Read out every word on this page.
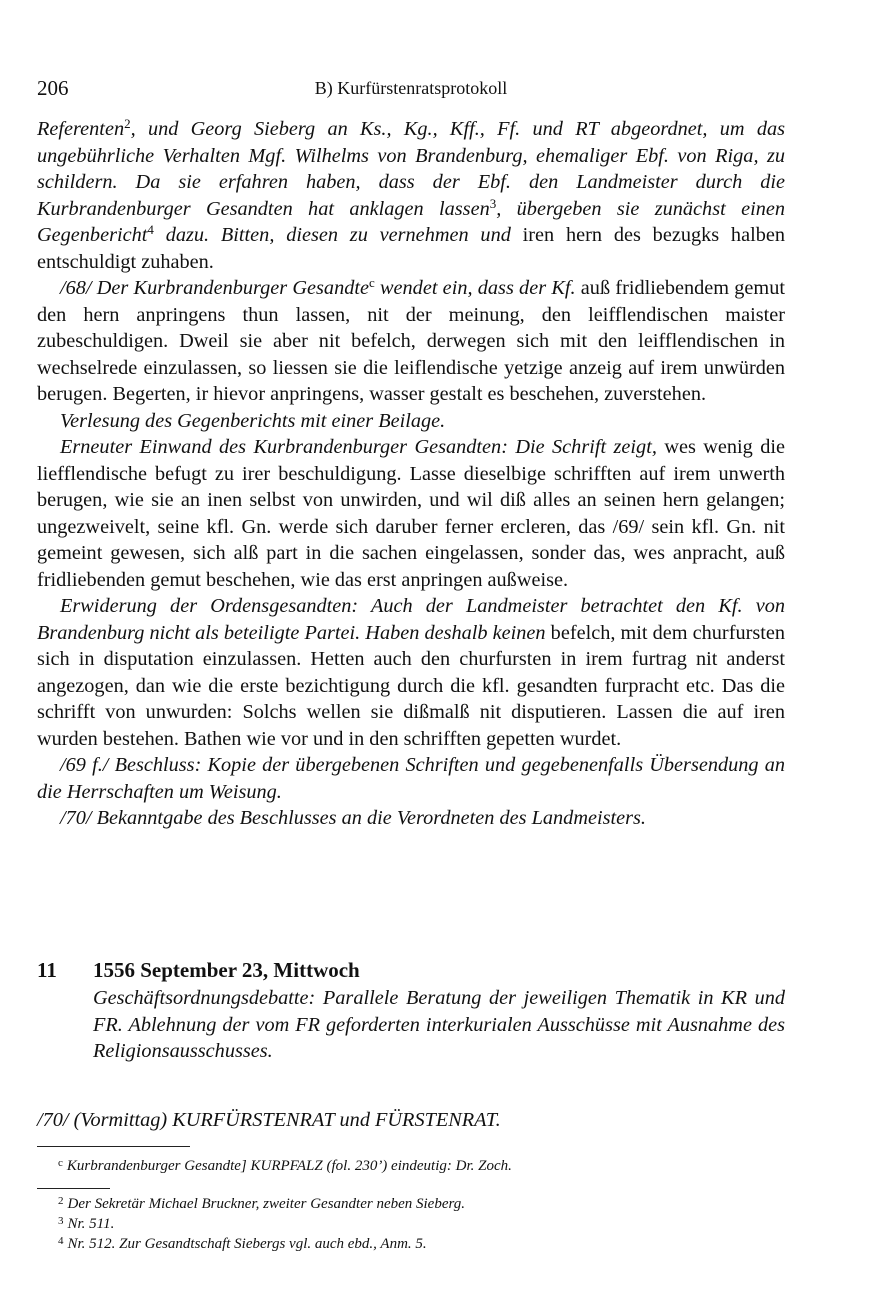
206	B) Kurfürstenratsprotokoll

Referenten$^2$, und Georg Sieberg an Ks., Kg., Kff., Ff. und RT abgeordnet, um das ungebührliche Verhalten Mgf. Wilhelms von Brandenburg, ehemaliger Ebf. von Riga, zu schildern. Da sie erfahren haben, dass der Ebf. den Landmeister durch die Kurbrandenburger Gesandten hat anklagen lassen$^3$, übergeben sie zunächst einen Gegenbericht$^4$ dazu. Bitten, diesen zu vernehmen und iren hern des bezugks halben entschuldigt zuhaben.

/68/ Der Kurbrandenburger Gesandte$^c$ wendet ein, dass der Kf. auß fridliebendem gemut den hern anpringens thun lassen, nit der meinung, den leifflendischen maister zubeschuldigen. Dweil sie aber nit befelch, derwegen sich mit den leifflendischen in wechselrede einzulassen, so liessen sie die leiflendische yetzige anzeig auf irem unwürden berugen. Begerten, ir hievor anpringens, wasser gestalt es beschehen, zuverstehen.

Verlesung des Gegenberichts mit einer Beilage.

Erneuter Einwand des Kurbrandenburger Gesandten: Die Schrift zeigt, wes wenig die liefflendische befugt zu irer beschuldigung. Lasse dieselbige schrifften auf irem unwerth berugen, wie sie an inen selbst von unwirden, und wil diß alles an seinen hern gelangen; ungezweivelt, seine kfl. Gn. werde sich daruber ferner ercleren, das /69/ sein kfl. Gn. nit gemeint gewesen, sich alß part in die sachen eingelassen, sonder das, wes anpracht, auß fridliebenden gemut beschehen, wie das erst anpringen außweise.

Erwiderung der Ordensgesandten: Auch der Landmeister betrachtet den Kf. von Brandenburg nicht als beteiligte Partei. Haben deshalb keinen befelch, mit dem churfursten sich in disputation einzulassen. Hetten auch den churfursten in irem furtrag nit anderst angezogen, dan wie die erste bezichtigung durch die kfl. gesandten furpracht etc. Das die schrifft von unwurden: Solchs wellen sie dißmalß nit disputieren. Lassen die auf iren wurden bestehen. Bathen wie vor und in den schrifften gepetten wurdet.

/69 f./ Beschluss: Kopie der übergebenen Schriften und gegebenenfalls Übersendung an die Herrschaften um Weisung.

/70/ Bekanntgabe des Beschlusses an die Verordneten des Landmeisters.

11 1556 September 23, Mittwoch
Geschäftsordnungsdebatte: Parallele Beratung der jeweiligen Thematik in KR und FR. Ablehnung der vom FR geforderten interkurialen Ausschüsse mit Ausnahme des Religionsausschusses.
/70/ (Vormittag) KURFÜRSTENRAT und FÜRSTENRAT.
$^c$ Kurbrandenburger Gesandte] KURPFALZ (fol. 230’) eindeutig: Dr. Zoch.
$^2$ Der Sekretär Michael Bruckner, zweiter Gesandter neben Sieberg.
$^3$ Nr. 511.
$^4$ Nr. 512. Zur Gesandtschaft Siebergs vgl. auch ebd., Anm. 5.
